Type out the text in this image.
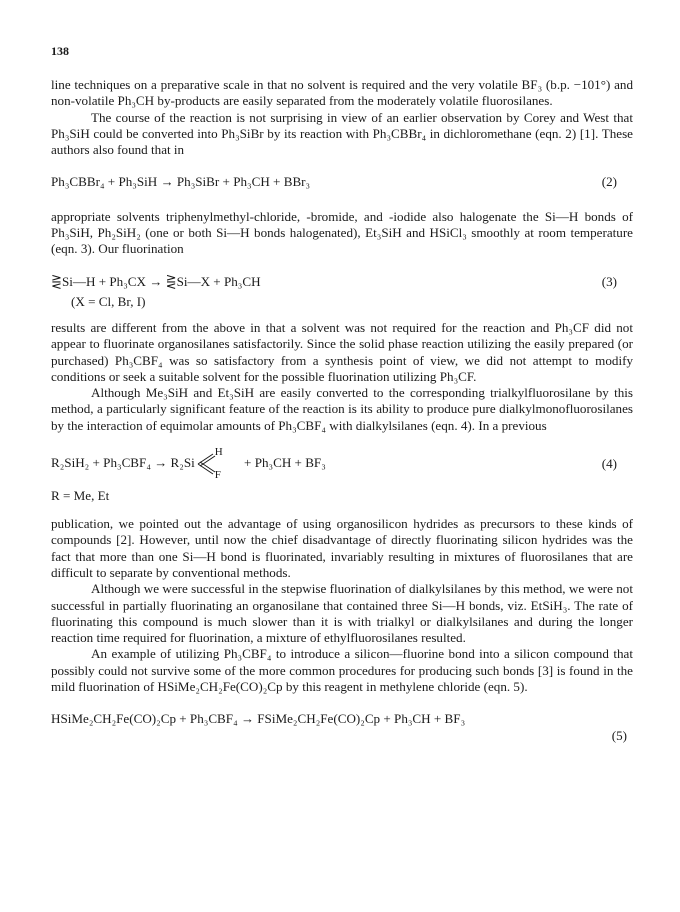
138

line techniques on a preparative scale in that no solvent is required and the very volatile BF₃ (b.p. −101°) and non-volatile Ph₃CH by-products are easily separated from the moderately volatile fluorosilanes.

The course of the reaction is not surprising in view of an earlier observation by Corey and West that Ph₃SiH could be converted into Ph₃SiBr by its reaction with Ph₃CBBr₄ in dichloromethane (eqn. 2) [1]. These authors also found that in

Ph₃CBBr₄ + Ph₃SiH → Ph₃SiBr + Ph₃CH + BBr₃	(2)

appropriate solvents triphenylmethyl-chloride, -bromide, and -iodide also halogenate the Si—H bonds of Ph₃SiH, Ph₂SiH₂ (one or both Si—H bonds halogenated), Et₃SiH and HSiCl₃ smoothly at room temperature (eqn. 3). Our fluorination

⋛Si—H + Ph₃CX → ⋛Si—X + Ph₃CH	(3)
(X = Cl, Br, I)

results are different from the above in that a solvent was not required for the reaction and Ph₃CF did not appear to fluorinate organosilanes satisfactorily. Since the solid phase reaction utilizing the easily prepared (or purchased) Ph₃CBF₄ was so satisfactory from a synthesis point of view, we did not attempt to modify conditions or seek a suitable solvent for the possible fluorination utilizing Ph₃CF.

Although Me₃SiH and Et₃SiH are easily converted to the corresponding trialkylfluorosilane by this method, a particularly significant feature of the reaction is its ability to produce pure dialkylmonofluorosilanes by the interaction of equimolar amounts of Ph₃CBF₄ with dialkylsilanes (eqn. 4). In a previous

R₂SiH₂ + Ph₃CBF₄ → R₂Si
H
F
+ Ph₃CH + BF₃	(4)
R = Me, Et

publication, we pointed out the advantage of using organosilicon hydrides as precursors to these kinds of compounds [2]. However, until now the chief disadvantage of directly fluorinating silicon hydrides was the fact that more than one Si—H bond is fluorinated, invariably resulting in mixtures of fluorosilanes that are difficult to separate by conventional methods.

Although we were successful in the stepwise fluorination of dialkylsilanes by this method, we were not successful in partially fluorinating an organosilane that contained three Si—H bonds, viz. EtSiH₃. The rate of fluorinating this compound is much slower than it is with trialkyl or dialkylsilanes and during the longer reaction time required for fluorination, a mixture of ethylfluorosilanes resulted.

An example of utilizing Ph₃CBF₄ to introduce a silicon—fluorine bond into a silicon compound that possibly could not survive some of the more common procedures for producing such bonds [3] is found in the mild fluorination of HSiMe₂CH₂Fe(CO)₂Cp by this reagent in methylene chloride (eqn. 5).

HSiMe₂CH₂Fe(CO)₂Cp + Ph₃CBF₄ → FSiMe₂CH₂Fe(CO)₂Cp + Ph₃CH + BF₃
(5)
